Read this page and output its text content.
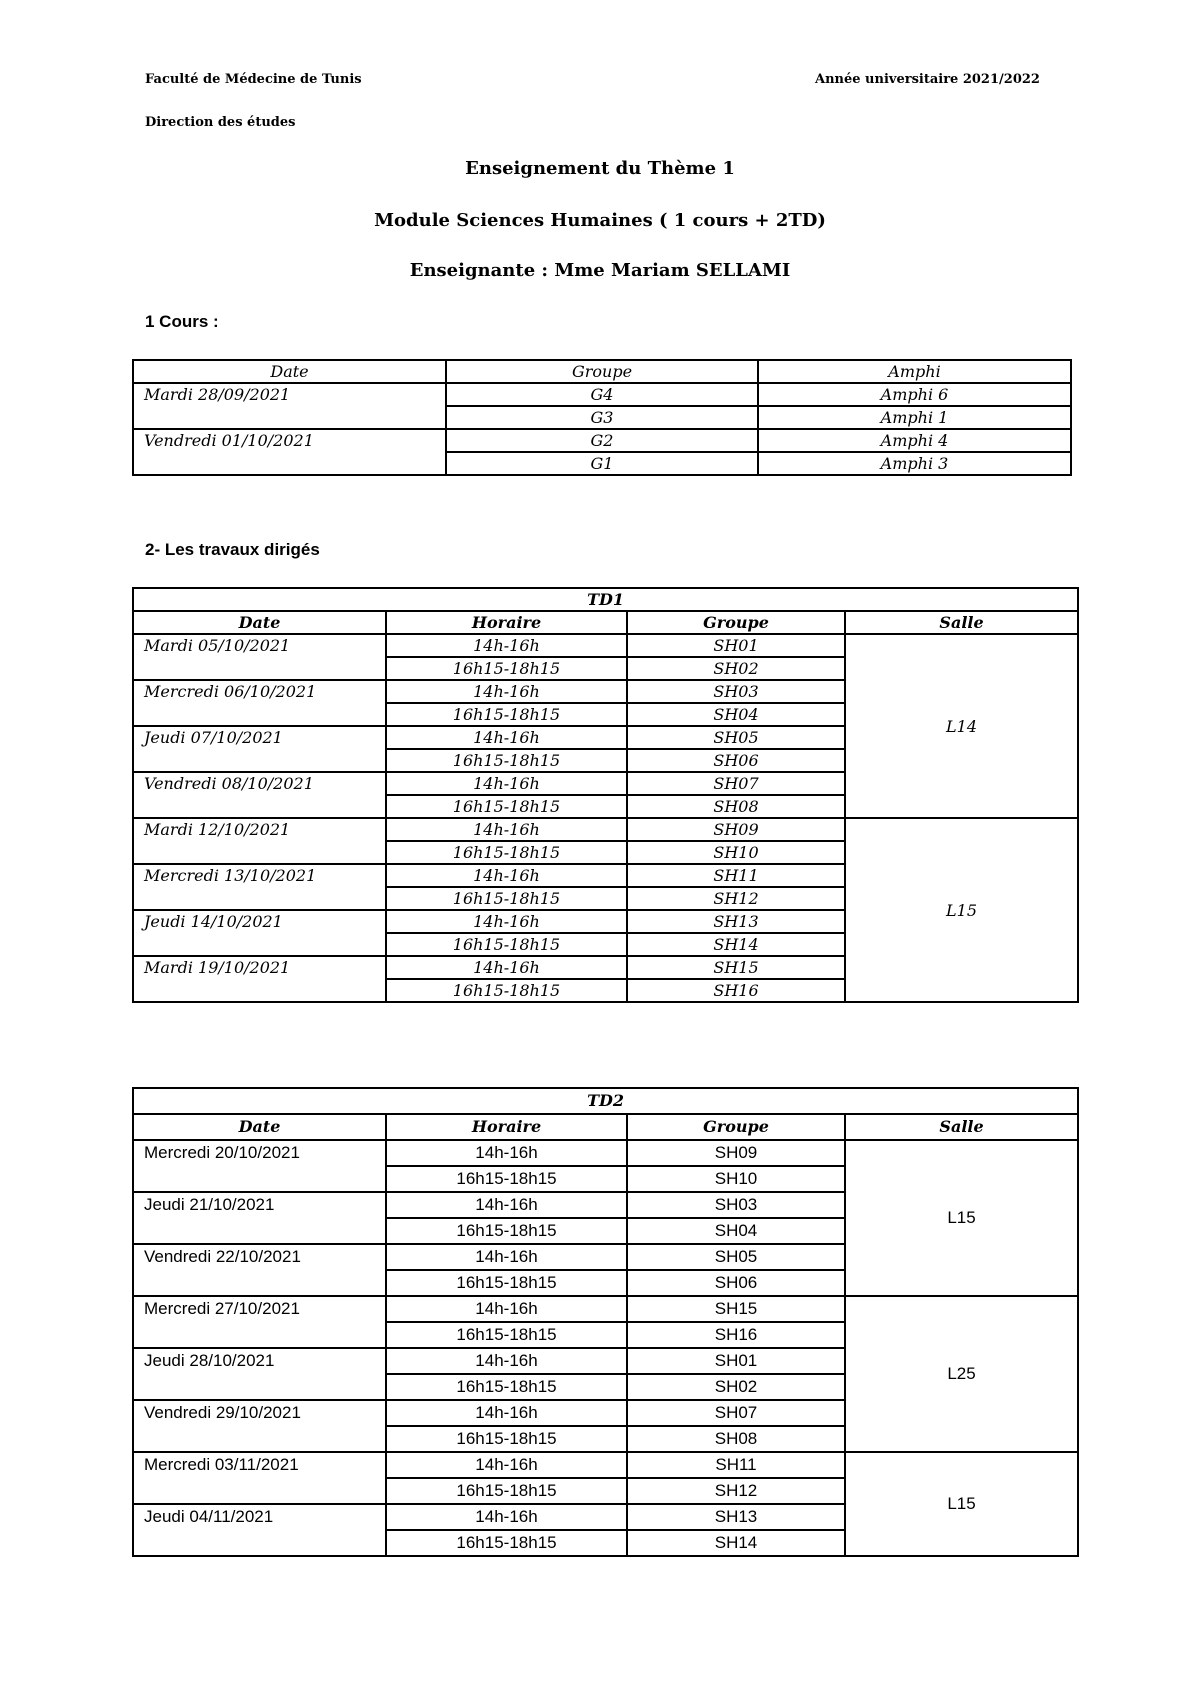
Faculté de Médecine de Tunis	Année universitaire 2021/2022
Direction des études
Enseignement du Thème 1
Module Sciences Humaines ( 1 cours + 2TD)
Enseignante : Mme Mariam SELLAMI
1 Cours :
Date	Groupe	Amphi
Mardi 28/09/2021	G4	Amphi 6
	G3	Amphi 1
Vendredi 01/10/2021	G2	Amphi 4
	G1	Amphi 3
2- Les travaux dirigés
TD1			
Date	Horaire	Groupe	Salle
Mardi 05/10/2021	14h-16h	SH01	L14
	16h15-18h15	SH02	
Mercredi 06/10/2021	14h-16h	SH03	
	16h15-18h15	SH04	
Jeudi 07/10/2021	14h-16h	SH05	
	16h15-18h15	SH06	
Vendredi 08/10/2021	14h-16h	SH07	
	16h15-18h15	SH08	
Mardi 12/10/2021	14h-16h	SH09	L15
	16h15-18h15	SH10	
Mercredi 13/10/2021	14h-16h	SH11	
	16h15-18h15	SH12	
Jeudi 14/10/2021	14h-16h	SH13	
	16h15-18h15	SH14	
Mardi 19/10/2021	14h-16h	SH15	
	16h15-18h15	SH16	
TD2			
Date	Horaire	Groupe	Salle
Mercredi 20/10/2021	14h-16h	SH09	L15
	16h15-18h15	SH10	
Jeudi 21/10/2021	14h-16h	SH03	
	16h15-18h15	SH04	
Vendredi 22/10/2021	14h-16h	SH05	
	16h15-18h15	SH06	
Mercredi 27/10/2021	14h-16h	SH15	L25
	16h15-18h15	SH16	
Jeudi 28/10/2021	14h-16h	SH01	
	16h15-18h15	SH02	
Vendredi 29/10/2021	14h-16h	SH07	
	16h15-18h15	SH08	
Mercredi 03/11/2021	14h-16h	SH11	L15
	16h15-18h15	SH12	
Jeudi 04/11/2021	14h-16h	SH13	
	16h15-18h15	SH14	
